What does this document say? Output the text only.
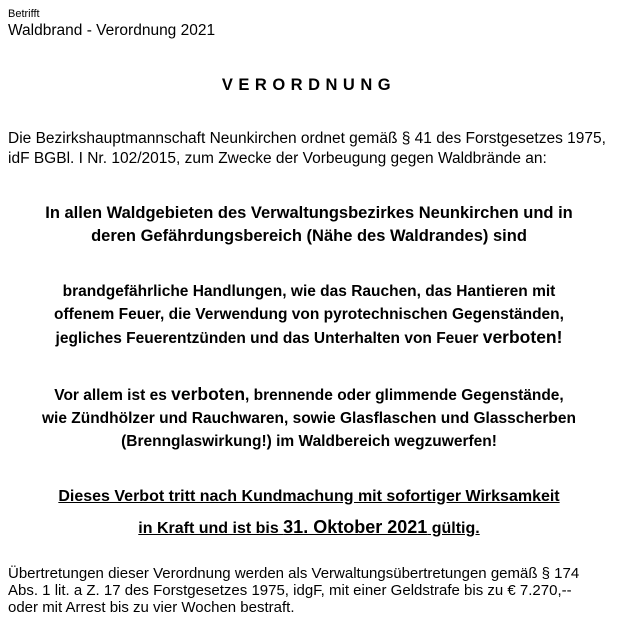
Betrifft
Waldbrand - Verordnung 2021
VERORDNUNG
Die Bezirkshauptmannschaft Neunkirchen ordnet gemäß § 41 des Forstgesetzes 1975,
idF BGBl. I Nr. 102/2015, zum Zwecke der Vorbeugung gegen Waldbrände an:
In allen Waldgebieten des Verwaltungsbezirkes Neunkirchen und in
deren Gefährdungsbereich (Nähe des Waldrandes) sind
brandgefährliche Handlungen, wie das Rauchen, das Hantieren mit
offenem Feuer, die Verwendung von pyrotechnischen Gegenständen,
jegliches Feuerentzünden und das Unterhalten von Feuer verboten!
Vor allem ist es verboten, brennende oder glimmende Gegenstände,
wie Zündhölzer und Rauchwaren, sowie Glasflaschen und Glasscherben
(Brennglaswirkung!) im Waldbereich wegzuwerfen!
Dieses Verbot tritt nach Kundmachung mit sofortiger Wirksamkeit
in Kraft und ist bis 31. Oktober 2021 gültig.
Übertretungen dieser Verordnung werden als Verwaltungsübertretungen gemäß § 174
Abs. 1 lit. a Z. 17 des Forstgesetzes 1975, idgF, mit einer Geldstrafe bis zu € 7.270,--
oder mit Arrest bis zu vier Wochen bestraft.
